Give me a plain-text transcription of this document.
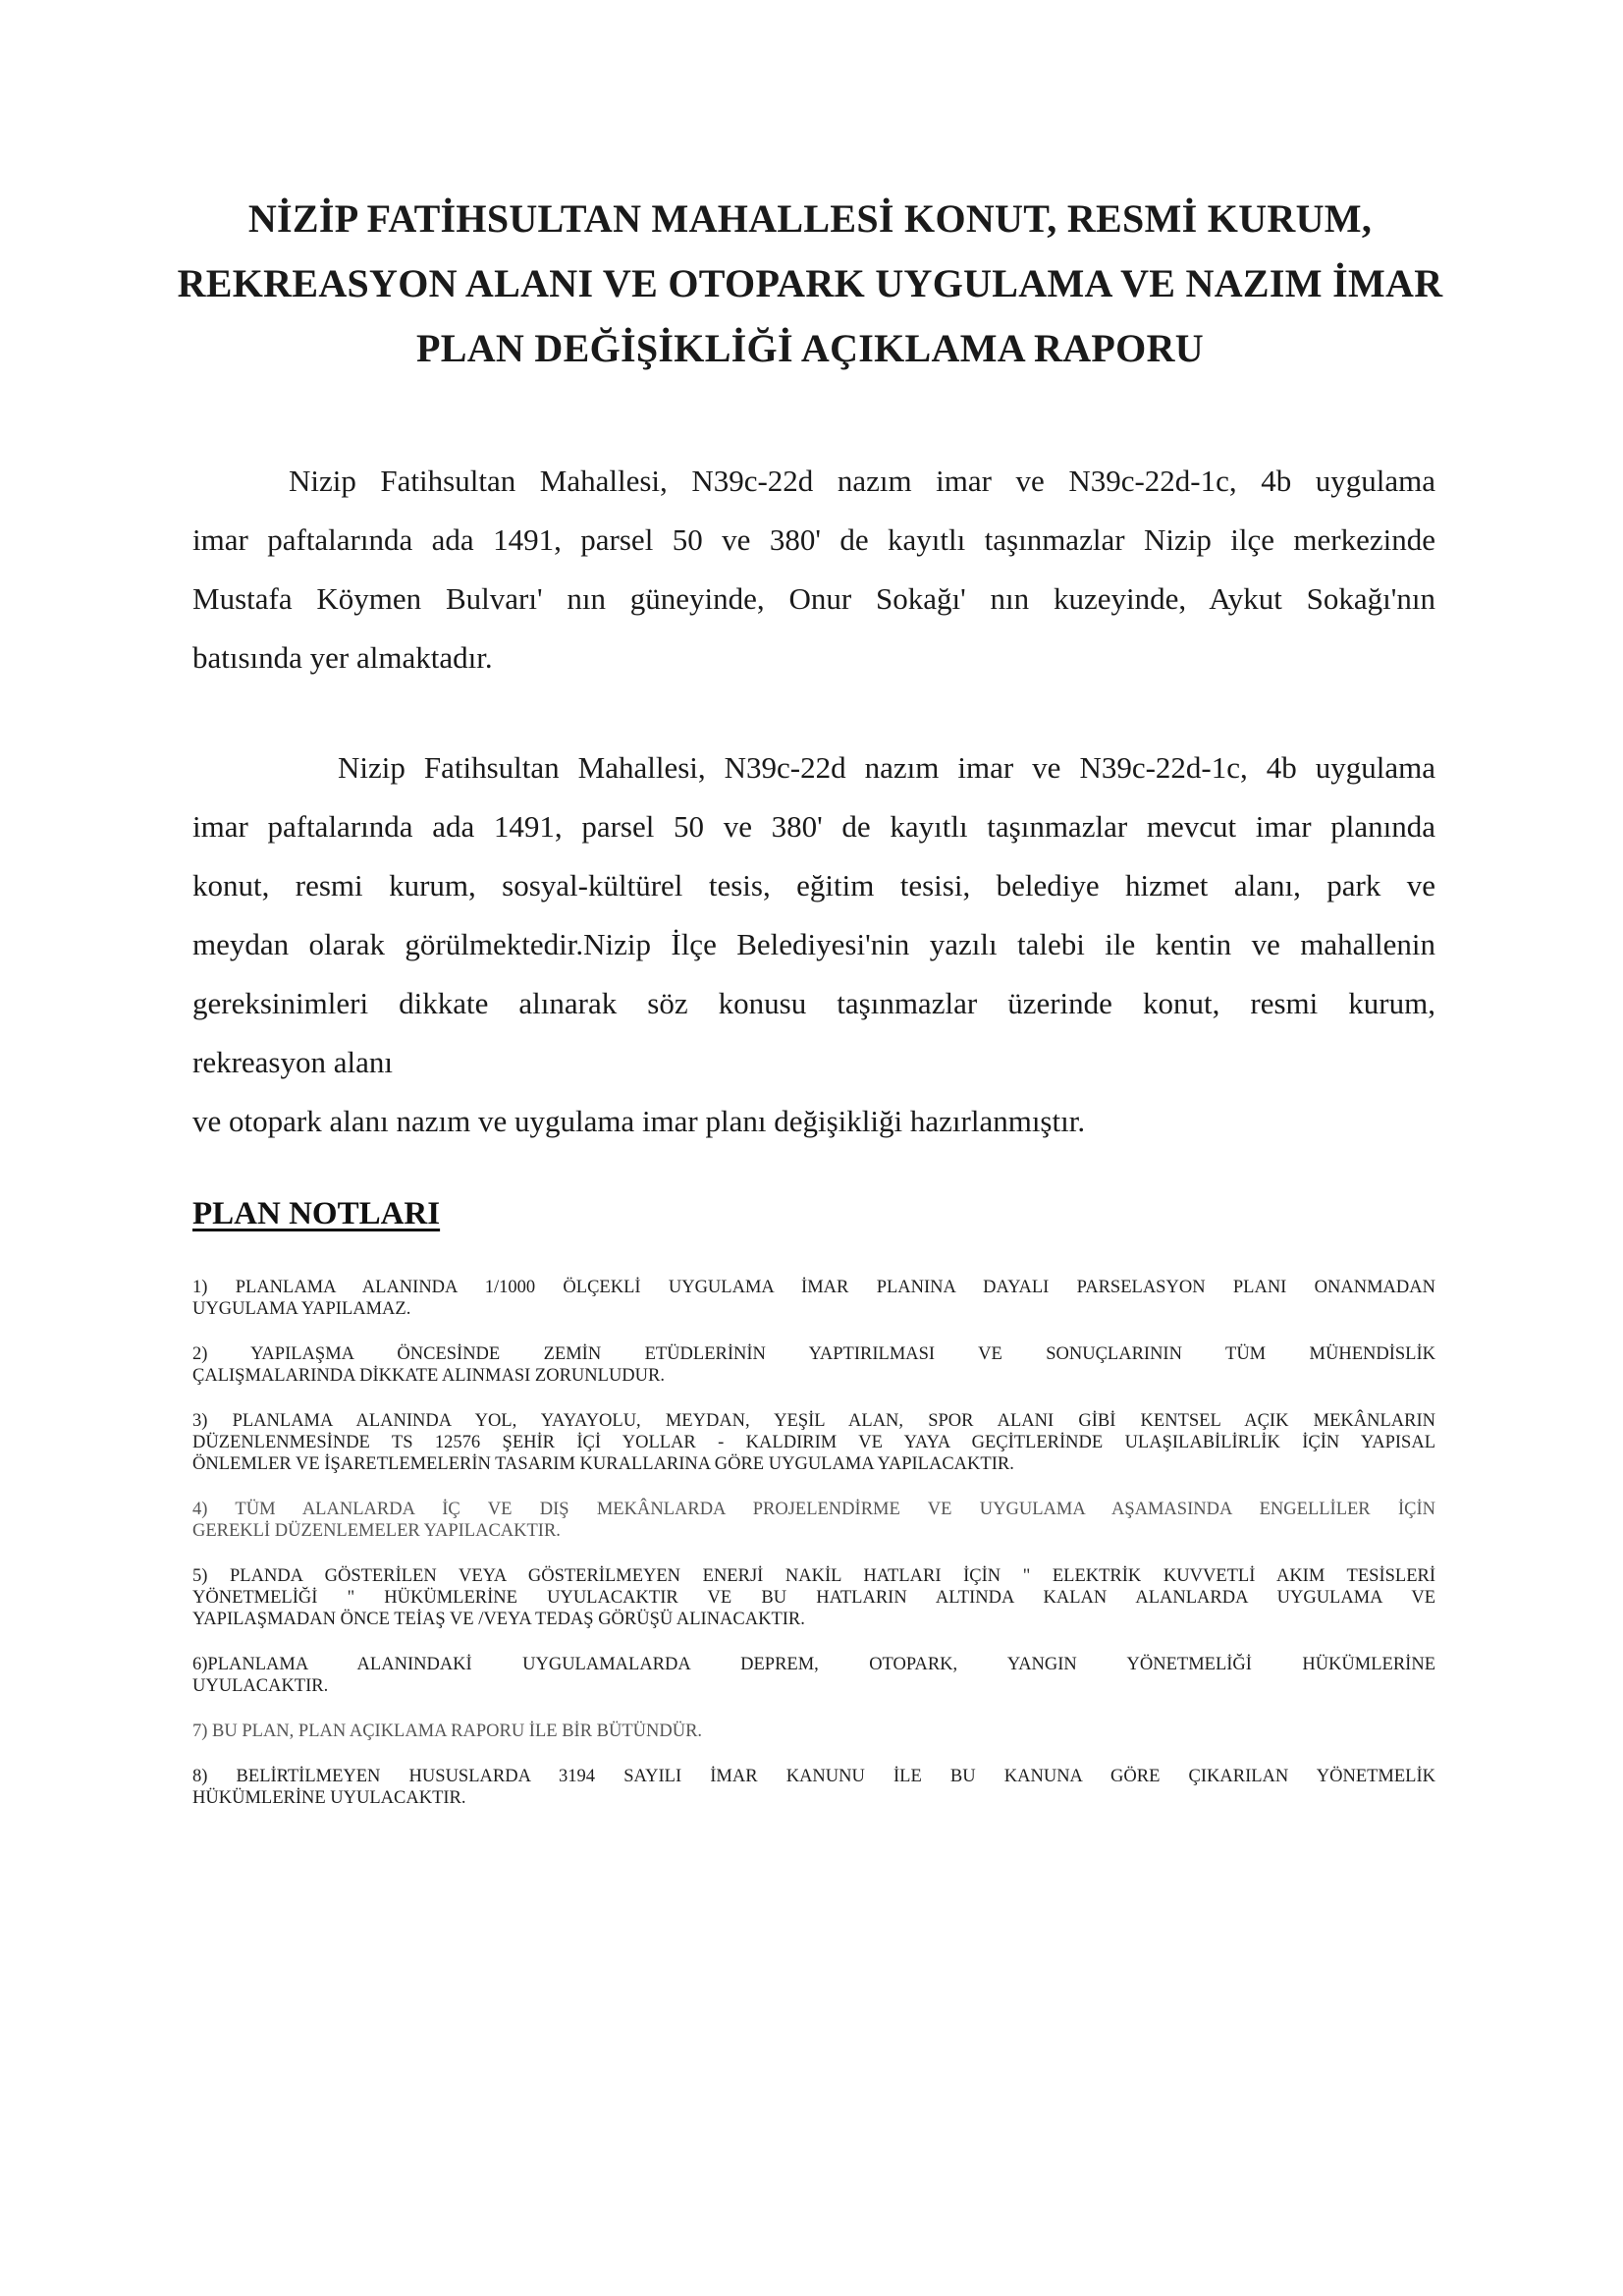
NİZİP FATİHSULTAN MAHALLESİ KONUT, RESMİ KURUM,
REKREASYON ALANI VE OTOPARK UYGULAMA VE NAZIM İMAR
PLAN DEĞİŞİKLİĞİ AÇIKLAMA RAPORU
Nizip Fatihsultan Mahallesi, N39c-22d nazım imar ve N39c-22d-1c, 4b uygulama
imar paftalarında ada 1491, parsel 50 ve 380' de kayıtlı taşınmazlar Nizip ilçe merkezinde
Mustafa Köymen Bulvarı' nın güneyinde, Onur Sokağı' nın kuzeyinde, Aykut Sokağı'nın
batısında yer almaktadır.
Nizip Fatihsultan Mahallesi, N39c-22d nazım imar ve N39c-22d-1c, 4b uygulama
imar paftalarında ada 1491, parsel 50 ve 380' de kayıtlı taşınmazlar mevcut imar planında
konut, resmi kurum, sosyal-kültürel tesis, eğitim tesisi, belediye hizmet alanı, park ve
meydan olarak görülmektedir.Nizip İlçe Belediyesi'nin yazılı talebi ile kentin ve mahallenin
gereksinimleri dikkate alınarak söz konusu taşınmazlar üzerinde konut, resmi kurum,
rekreasyon alanı
ve otopark alanı nazım ve uygulama imar planı değişikliği hazırlanmıştır.
PLAN NOTLARI
1) PLANLAMA ALANINDA 1/1000 ÖLÇEKLİ UYGULAMA İMAR PLANINA DAYALI PARSELASYON PLANI ONANMADAN
UYGULAMA YAPILAMAZ.
2) YAPILAŞMA ÖNCESİNDE ZEMİN ETÜDLERİNİN YAPTIRILMASI VE SONUÇLARININ TÜM MÜHENDİSLİK
ÇALIŞMALARINDA DİKKATE ALINMASI ZORUNLUDUR.
3) PLANLAMA ALANINDA YOL, YAYAYOLU, MEYDAN, YEŞİL ALAN, SPOR ALANI GİBİ KENTSEL AÇIK MEKÂNLARIN
DÜZENLENMESİNDE TS 12576 ŞEHİR İÇİ YOLLAR - KALDIRIM VE YAYA GEÇİTLERİNDE ULAŞILABİLİRLİK İÇİN YAPISAL
ÖNLEMLER VE İŞARETLEMELERİN TASARIM KURALLARINA GÖRE UYGULAMA YAPILACAKTIR.
4) TÜM ALANLARDA İÇ VE DIŞ MEKÂNLARDA PROJELENDİRME VE UYGULAMA AŞAMASINDA ENGELLİLER İÇİN
GEREKLİ DÜZENLEMELER YAPILACAKTIR.
5) PLANDA GÖSTERİLEN VEYA GÖSTERİLMEYEN ENERJİ NAKİL HATLARI İÇİN " ELEKTRİK KUVVETLİ AKIM TESİSLERİ
YÖNETMELİĞİ " HÜKÜMLERİNE UYULACAKTIR VE BU HATLARIN ALTINDA KALAN ALANLARDA UYGULAMA VE
YAPILAŞMADAN ÖNCE TEİAŞ VE /VEYA TEDAŞ GÖRÜŞÜ ALINACAKTIR.
6)PLANLAMA ALANINDAKİ UYGULAMALARDA DEPREM, OTOPARK, YANGIN YÖNETMELİĞİ HÜKÜMLERİNE
UYULACAKTIR.
7) BU PLAN, PLAN AÇIKLAMA RAPORU İLE BİR BÜTÜNDÜR.
8) BELİRTİLMEYEN HUSUSLARDA 3194 SAYILI İMAR KANUNU İLE BU KANUNA GÖRE ÇIKARILAN YÖNETMELİK
HÜKÜMLERİNE UYULACAKTIR.
